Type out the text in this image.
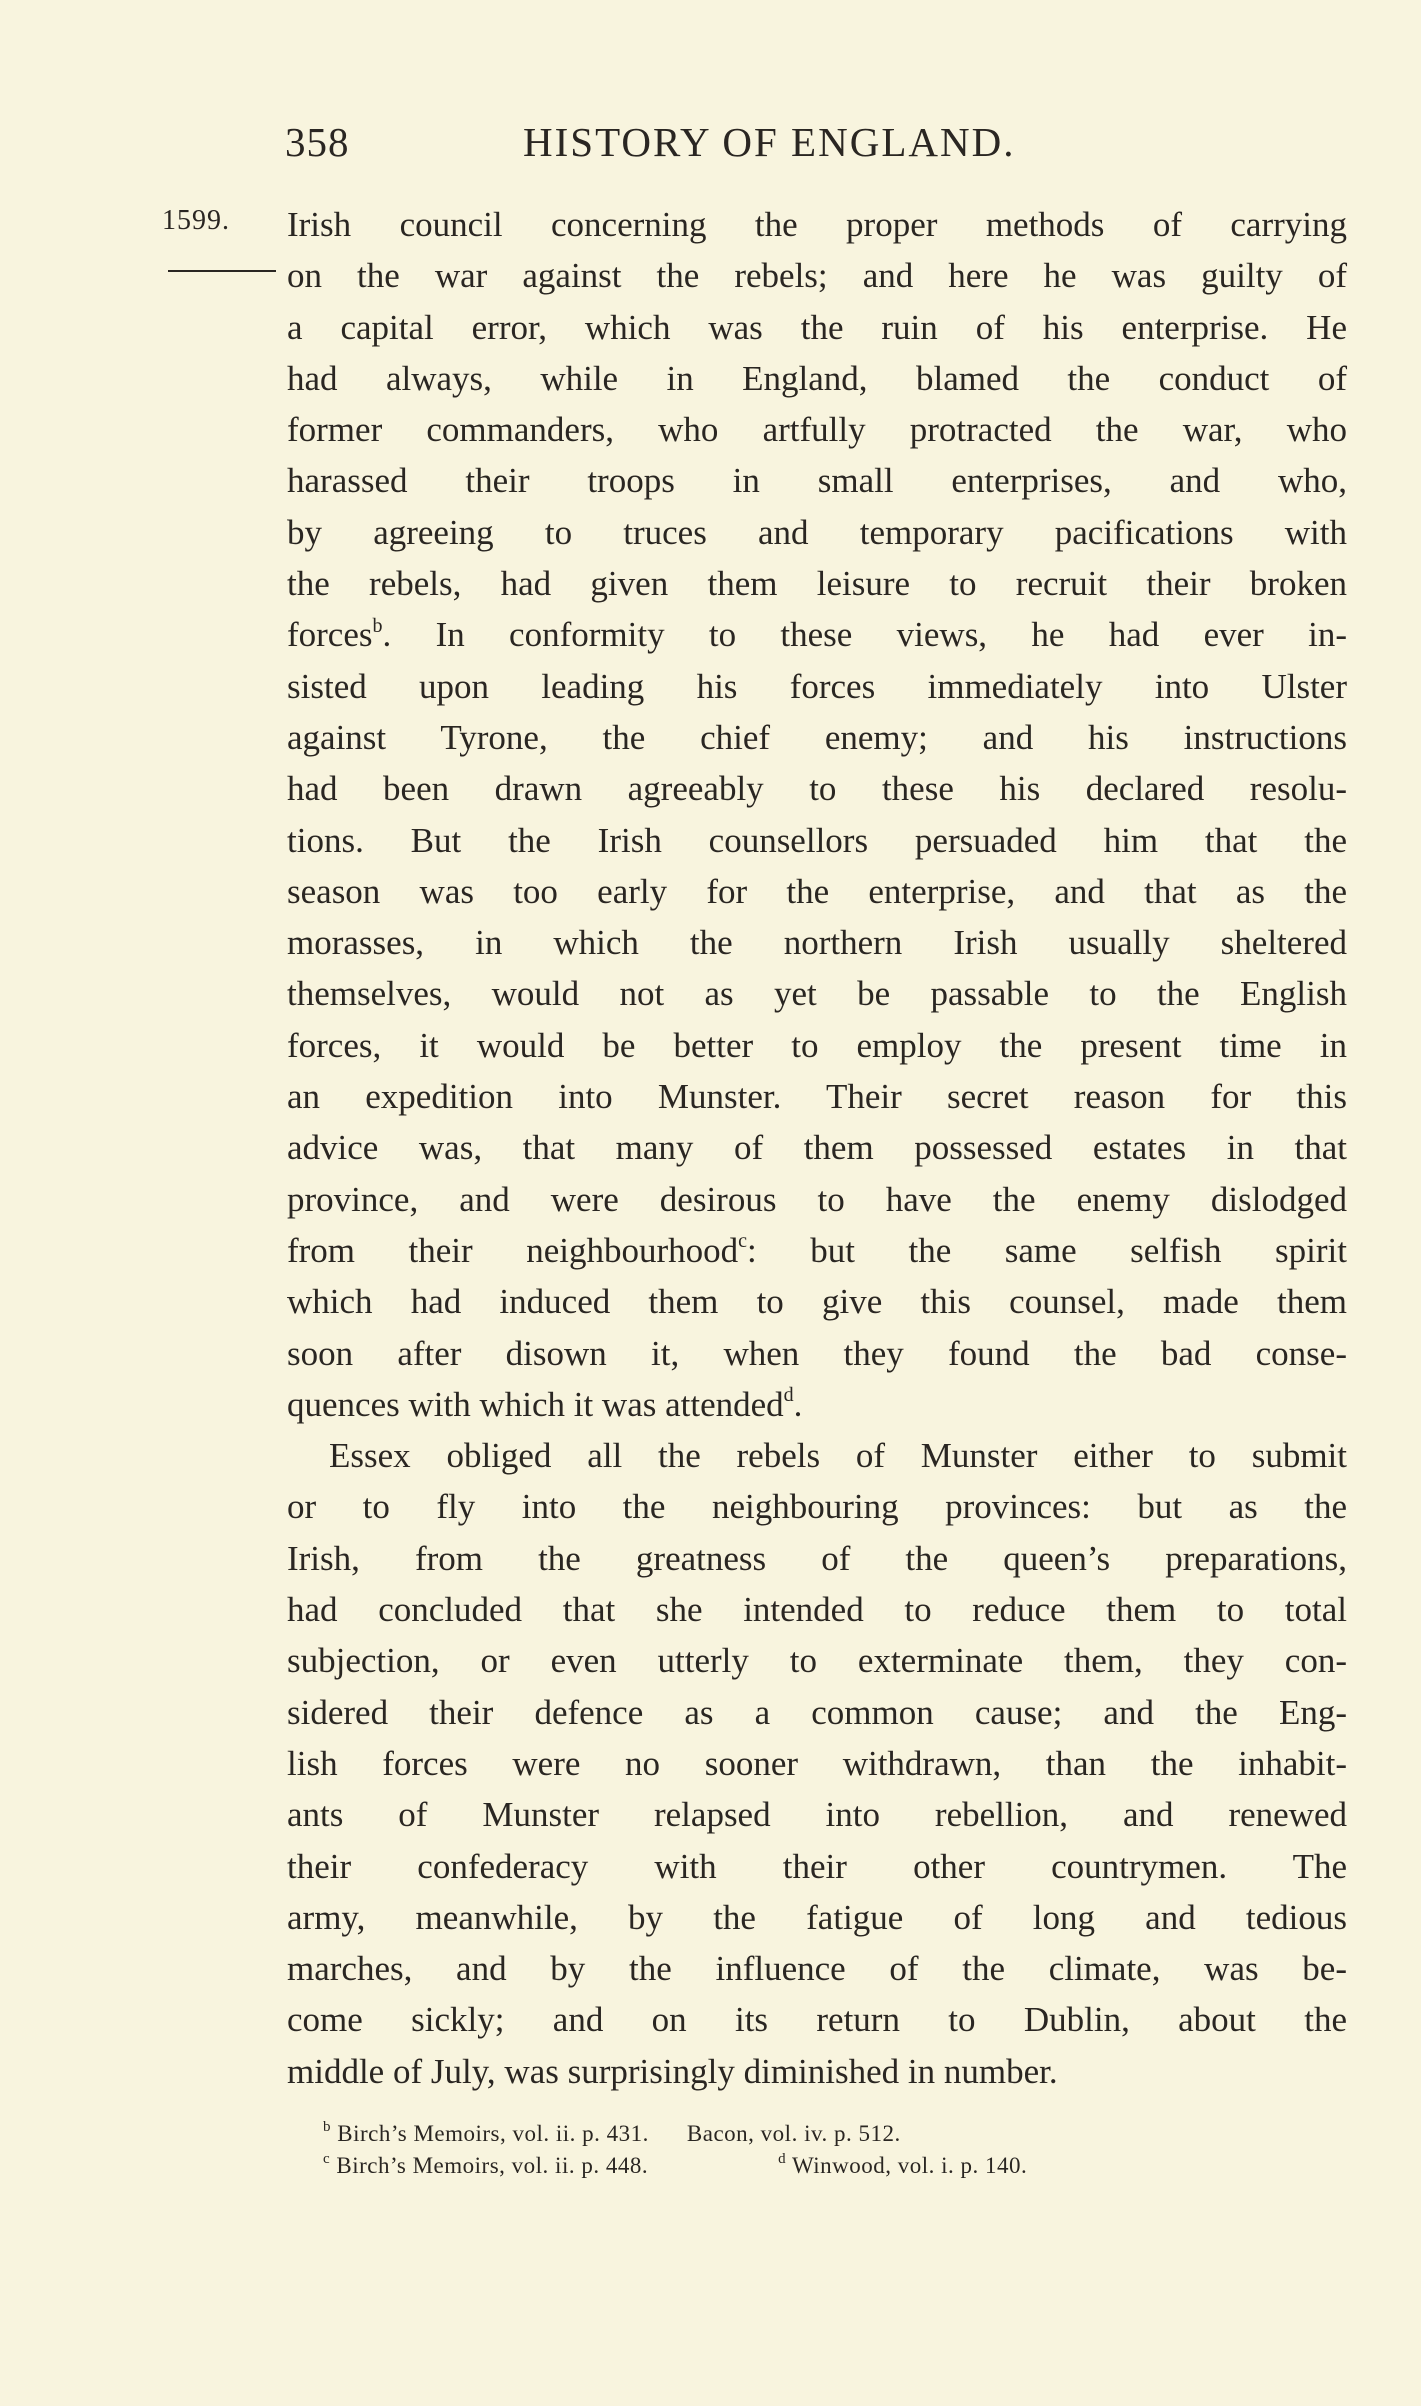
358	HISTORY OF ENGLAND.
1599. Irish council concerning the proper methods of carrying
on the war against the rebels; and here he was guilty of
a capital error, which was the ruin of his enterprise. He
had always, while in England, blamed the conduct of
former commanders, who artfully protracted the war, who
harassed their troops in small enterprises, and who,
by agreeing to truces and temporary pacifications with
the rebels, had given them leisure to recruit their broken
forces$^b$. In conformity to these views, he had ever in-
sisted upon leading his forces immediately into Ulster
against Tyrone, the chief enemy; and his instructions
had been drawn agreeably to these his declared resolu-
tions. But the Irish counsellors persuaded him that the
season was too early for the enterprise, and that as the
morasses, in which the northern Irish usually sheltered
themselves, would not as yet be passable to the English
forces, it would be better to employ the present time in
an expedition into Munster. Their secret reason for this
advice was, that many of them possessed estates in that
province, and were desirous to have the enemy dislodged
from their neighbourhood$^c$: but the same selfish spirit
which had induced them to give this counsel, made them
soon after disown it, when they found the bad conse-
quences with which it was attended$^d$.
Essex obliged all the rebels of Munster either to submit
or to fly into the neighbouring provinces: but as the
Irish, from the greatness of the queen’s preparations,
had concluded that she intended to reduce them to total
subjection, or even utterly to exterminate them, they con-
sidered their defence as a common cause; and the Eng-
lish forces were no sooner withdrawn, than the inhabit-
ants of Munster relapsed into rebellion, and renewed
their confederacy with their other countrymen. The
army, meanwhile, by the fatigue of long and tedious
marches, and by the influence of the climate, was be-
come sickly; and on its return to Dublin, about the
middle of July, was surprisingly diminished in number.
$^b$ Birch’s Memoirs, vol. ii. p. 431. Bacon, vol. iv. p. 512.
$^c$ Birch’s Memoirs, vol. ii. p. 448.	$^d$ Winwood, vol. i. p. 140.
